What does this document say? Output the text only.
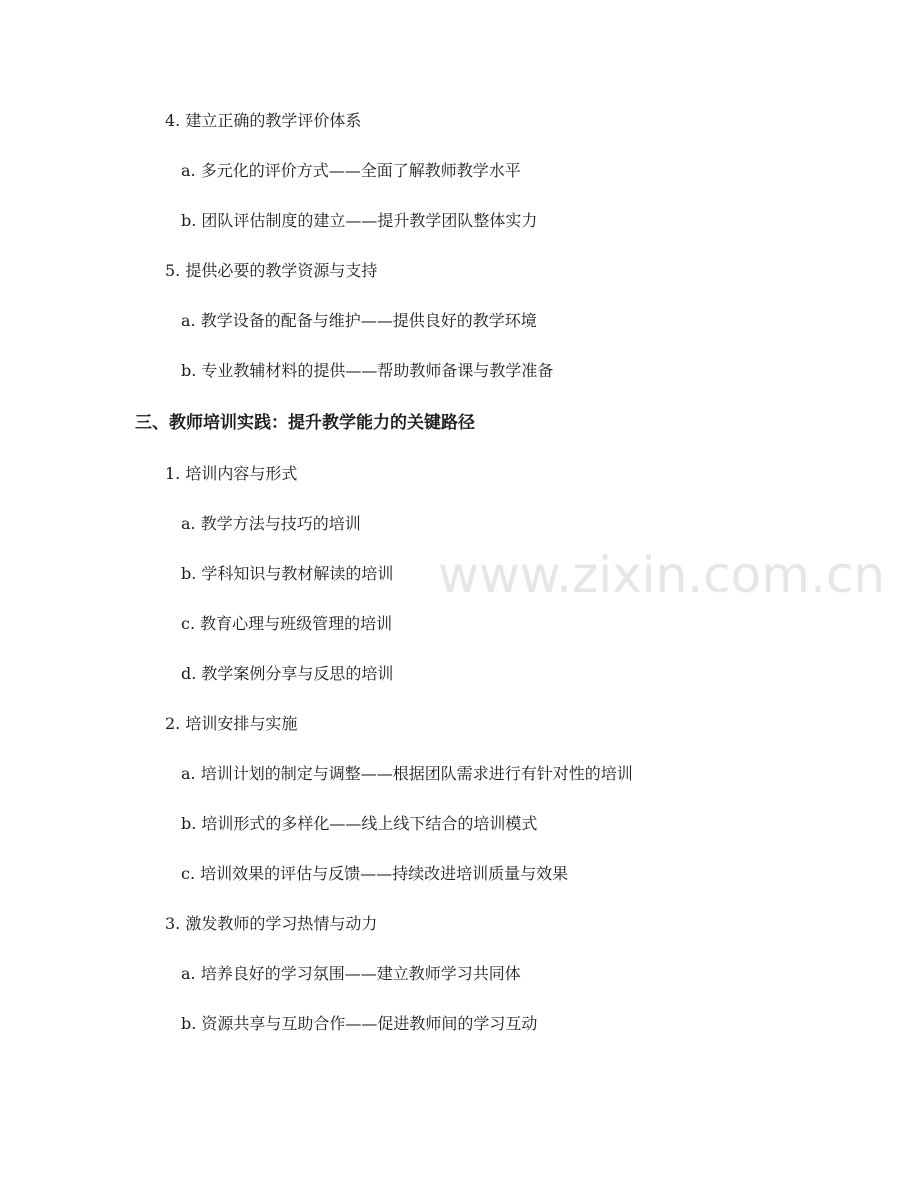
www.zixin.com.cn
4. 建立正确的教学评价体系
a. 多元化的评价方式——全面了解教师教学水平
b. 团队评估制度的建立——提升教学团队整体实力
5. 提供必要的教学资源与支持
a. 教学设备的配备与维护——提供良好的教学环境
b. 专业教辅材料的提供——帮助教师备课与教学准备
三、教师培训实践：提升教学能力的关键路径
1. 培训内容与形式
a. 教学方法与技巧的培训
b. 学科知识与教材解读的培训
c. 教育心理与班级管理的培训
d. 教学案例分享与反思的培训
2. 培训安排与实施
a. 培训计划的制定与调整——根据团队需求进行有针对性的培训
b. 培训形式的多样化——线上线下结合的培训模式
c. 培训效果的评估与反馈——持续改进培训质量与效果
3. 激发教师的学习热情与动力
a. 培养良好的学习氛围——建立教师学习共同体
b. 资源共享与互助合作——促进教师间的学习互动
